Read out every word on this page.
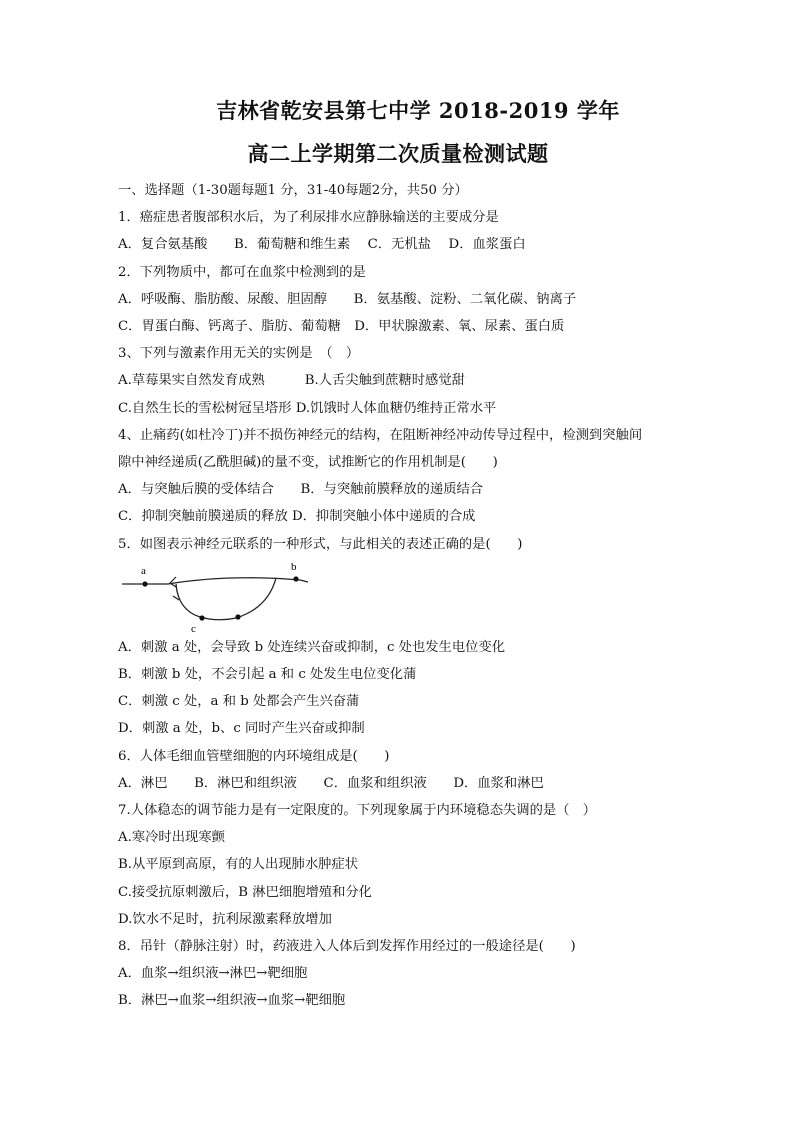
吉林省乾安县第七中学 2018-2019 学年

高二上学期第二次质量检测试题

一、选择题（1-30题每题1 分，31-40每题2分，共50 分）

1．癌症患者腹部积水后，为了利尿排水应静脉输送的主要成分是

A．复合氨基酸　　B．葡萄糖和维生素　 C．无机盐　 D．血浆蛋白

2．下列物质中，都可在血浆中检测到的是

A．呼吸酶、脂肪酸、尿酸、胆固醇　　B．氨基酸、淀粉、二氧化碳、钠离子

C．胃蛋白酶、钙离子、脂肪、葡萄糖　D．甲状腺激素、氧、尿素、蛋白质

3、下列与激素作用无关的实例是　（　）

A.草莓果实自然发育成熟　　　B.人舌尖触到蔗糖时感觉甜

C.自然生长的雪松树冠呈塔形 D.饥饿时人体血糖仍维持正常水平

4、止痛药(如杜冷丁)并不损伤神经元的结构，在阻断神经冲动传导过程中，检测到突触间

隙中神经递质(乙酰胆碱)的量不变，试推断它的作用机制是(　　)

A．与突触后膜的受体结合　　B．与突触前膜释放的递质结合

C．抑制突触前膜递质的释放 D．抑制突触小体中递质的合成

5．如图表示神经元联系的一种形式，与此相关的表述正确的是(　　)

a	b
c

A．刺激 a 处，会导致 b 处连续兴奋或抑制，c 处也发生电位变化

B．刺激 b 处，不会引起 a 和 c 处发生电位变化蒲

C．刺激 c 处，a 和 b 处都会产生兴奋蒲

D．刺激 a 处，b、c 同时产生兴奋或抑制

6．人体毛细血管壁细胞的内环境组成是(　　)

A．淋巴　　B．淋巴和组织液　　C．血浆和组织液　　D．血浆和淋巴

7.人体稳态的调节能力是有一定限度的。下列现象属于内环境稳态失调的是（　）

A.寒冷时出现寒颤

B.从平原到高原，有的人出现肺水肿症状

C.接受抗原刺激后，B 淋巴细胞增殖和分化

D.饮水不足时，抗利尿激素释放增加

8．吊针（静脉注射）时，药液进入人体后到发挥作用经过的一般途径是(　　)

A．血浆→组织液→淋巴→靶细胞

B．淋巴→血浆→组织液→血浆→靶细胞
